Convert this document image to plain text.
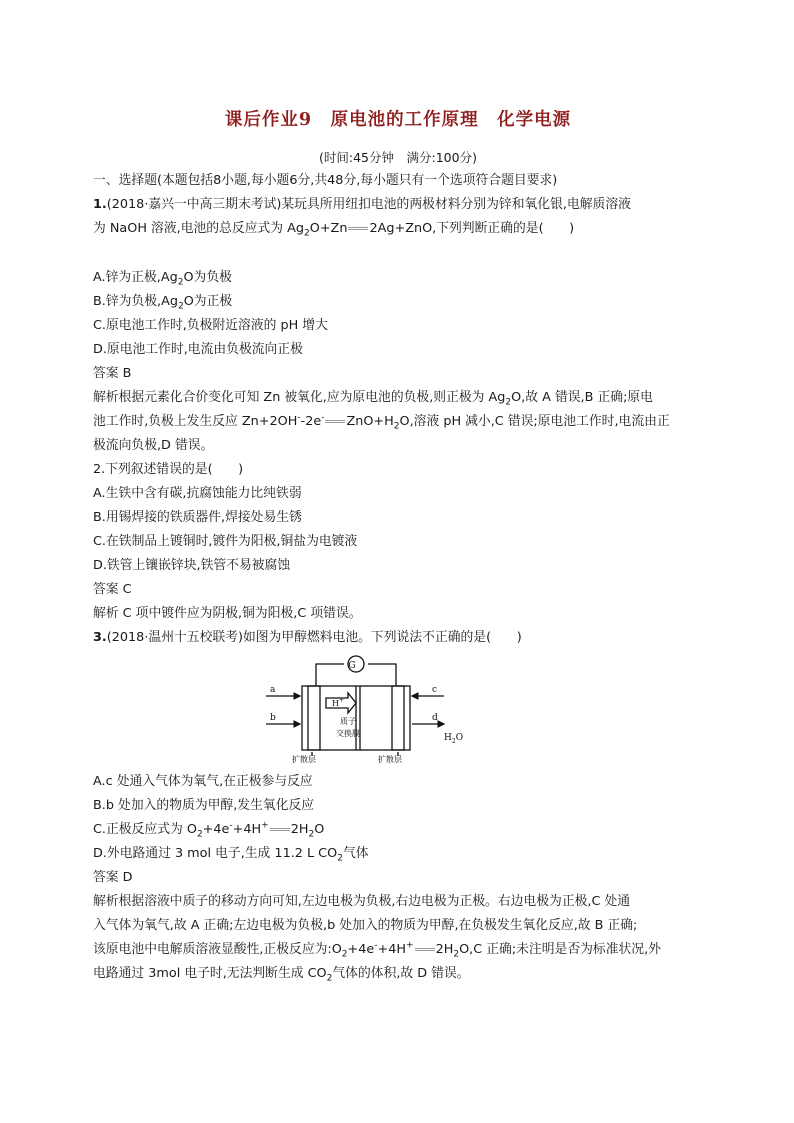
课后作业9　原电池的工作原理　化学电源
(时间:45分钟　满分:100分)
一、选择题(本题包括8小题,每小题6分,共48分,每小题只有一个选项符合题目要求)
1.(2018·嘉兴一中高三期末考试)某玩具所用纽扣电池的两极材料分别为锌和氧化银,电解质溶液
为 NaOH 溶液,电池的总反应式为 $Ag_2O+Zn$ 2Ag+ZnO,下列判断正确的是(　　)
A.锌为正极$,Ag_2O$为负极
B.锌为负极$,Ag_2O$为正极
C.原电池工作时,负极附近溶液的 pH 增大
D.原电池工作时,电流由负极流向正极
答案 B
解析根据元素化合价变化可知 Zn 被氧化,应为原电池的负极,则正极为 $Ag_2O$,故 A 错误,B 正确;原电
池工作时,负极上发生反应 Zn+2OH--2e- $ZnO+H_2O$,溶液 pH 减小,C 错误;原电池工作时,电流由正
极流向负极,D 错误。
2.下列叙述错误的是(　　)
A.生铁中含有碳,抗腐蚀能力比纯铁弱
B.用锡焊接的铁质器件,焊接处易生锈
C.在铁制品上镀铜时,镀件为阳极,铜盐为电镀液
D.铁管上镶嵌锌块,铁管不易被腐蚀
答案 C
解析 C 项中镀件应为阴极,铜为阳极,C 项错误。
3.(2018·温州十五校联考)如图为甲醇燃料电池。下列说法不正确的是(　　)
A.c 处通入气体为氧气,在正极参与反应
B.b 处加入的物质为甲醇,发生氧化反应
C.正极反应式为 $O_2+4e^-+4H^+$ $2H_2O$
D.外电路通过 3 mol 电子,生成 11.2 L $CO_2$气体
答案 D
解析根据溶液中质子的移动方向可知,左边电极为负极,右边电极为正极。右边电极为正极,C 处通
入气体为氧气,故 A 正确;左边电极为负极,b 处加入的物质为甲醇,在负极发生氧化反应,故 B 正确;
该原电池中电解质溶液显酸性,正极反应为$:O_2+4e^-+4H^+$ $2H_2O,C$ 正确;未注明是否为标准状况,外
电路通过 3mol 电子时,无法判断生成 $CO_2$气体的体积,故 D 错误。
G
a
b
c
d
H+
$H_2O$
质子
交换膜
扩散层	扩散层
